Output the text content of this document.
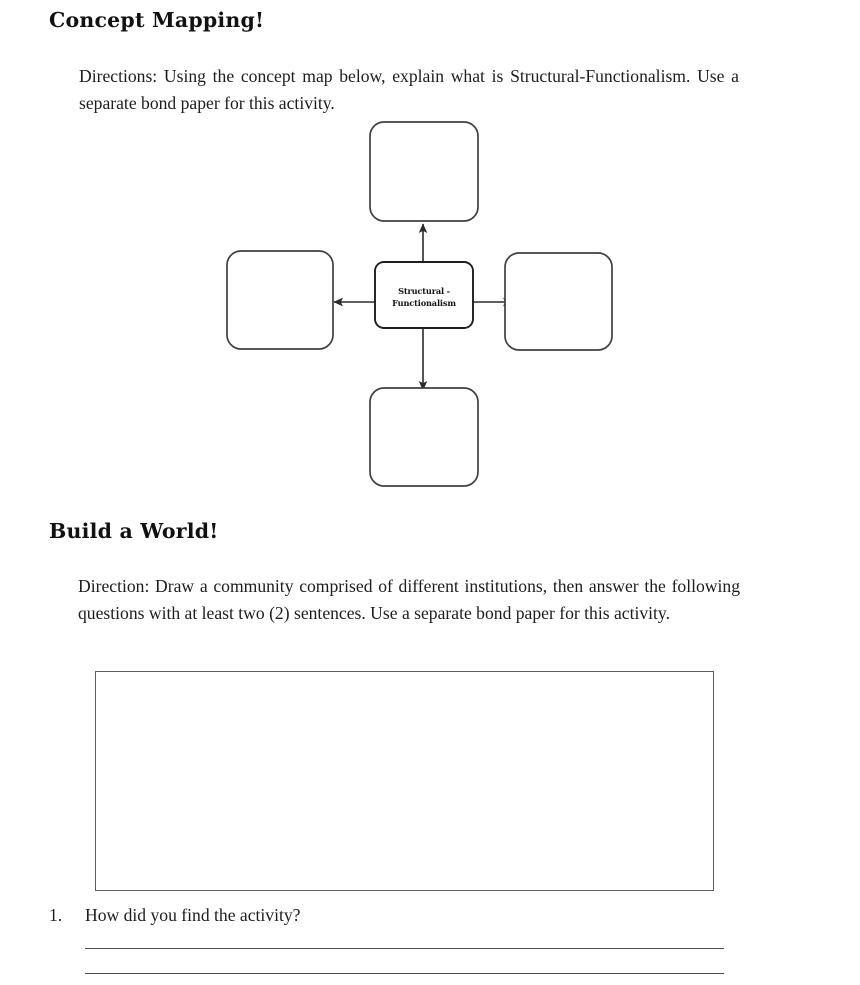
Concept Mapping!
Directions: Using the concept map below, explain what is Structural-Functionalism. Use a separate bond paper for this activity.
Structural -
Functionalism
Build a World!
Direction: Draw a community comprised of different institutions, then answer the following questions with at least two (2) sentences. Use a separate bond paper for this activity.
1.	How did you find the activity?
